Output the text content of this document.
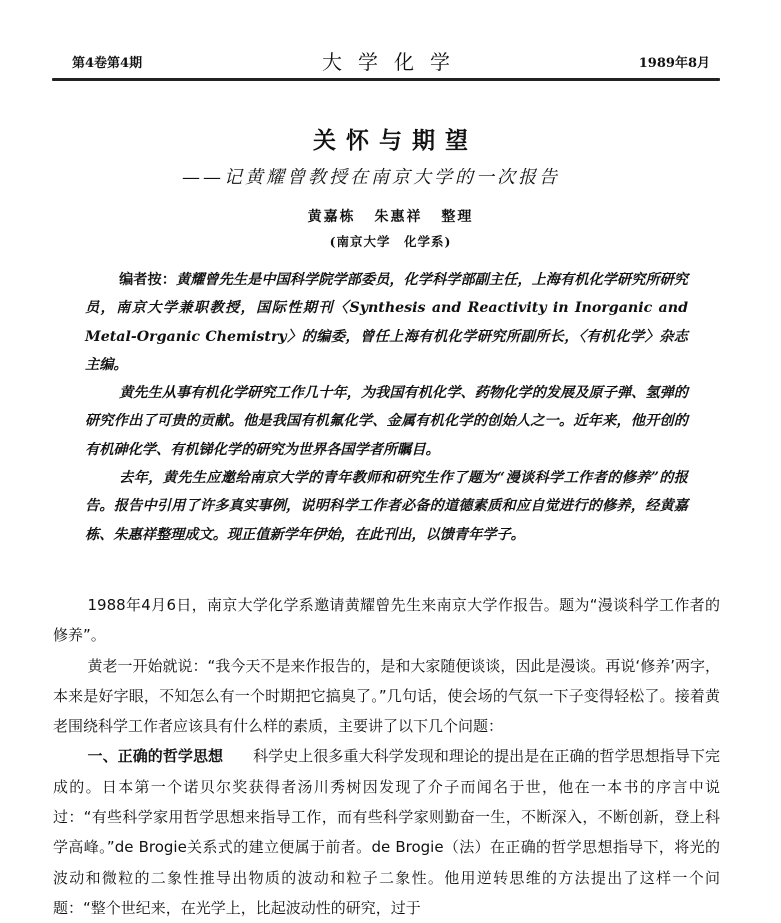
第4卷第4期	大学化学	1989年8月
关怀与期望
——记黄耀曾教授在南京大学的一次报告
黄嘉栋 朱惠祥 整理
(南京大学　化学系)

编者按：黄耀曾先生是中国科学院学部委员，化学科学部副主任，上海有机化学研究所研究员，南京大学兼职教授，国际性期刊〈Synthesis and Reactivity in Inorganic and Metal-Organic Chemistry〉的编委，曾任上海有机化学研究所副所长，〈有机化学〉杂志主编。

黄先生从事有机化学研究工作几十年，为我国有机化学、药物化学的发展及原子弹、氢弹的研究作出了可贵的贡献。他是我国有机氟化学、金属有机化学的创始人之一。近年来，他开创的有机砷化学、有机锑化学的研究为世界各国学者所瞩目。

去年，黄先生应邀给南京大学的青年教师和研究生作了题为“漫谈科学工作者的修养”的报告。报告中引用了许多真实事例，说明科学工作者必备的道德素质和应自觉进行的修养，经黄嘉栋、朱惠祥整理成文。现正值新学年伊始，在此刊出，以馈青年学子。

1988年4月6日，南京大学化学系邀请黄耀曾先生来南京大学作报告。题为“漫谈科学工作者的修养”。

黄老一开始就说：“我今天不是来作报告的，是和大家随便谈谈，因此是漫谈。再说‘修养’两字，本来是好字眼，不知怎么有一个时期把它搞臭了。”几句话，使会场的气氛一下子变得轻松了。接着黄老围绕科学工作者应该具有什么样的素质，主要讲了以下几个问题：

一、正确的哲学思想 科学史上很多重大科学发现和理论的提出是在正确的哲学思想指导下完成的。日本第一个诺贝尔奖获得者汤川秀树因发现了介子而闻名于世，他在一本书的序言中说过：“有些科学家用哲学思想来指导工作，而有些科学家则勤奋一生，不断深入，不断创新，登上科学高峰。”de Brogie关系式的建立便属于前者。de Brogie（法）在正确的哲学思想指导下，将光的波动和微粒的二象性推导出物质的波动和粒子二象性。他用逆转思维的方法提出了这样一个问题：“整个世纪来，在光学上，比起波动性的研究，过于
